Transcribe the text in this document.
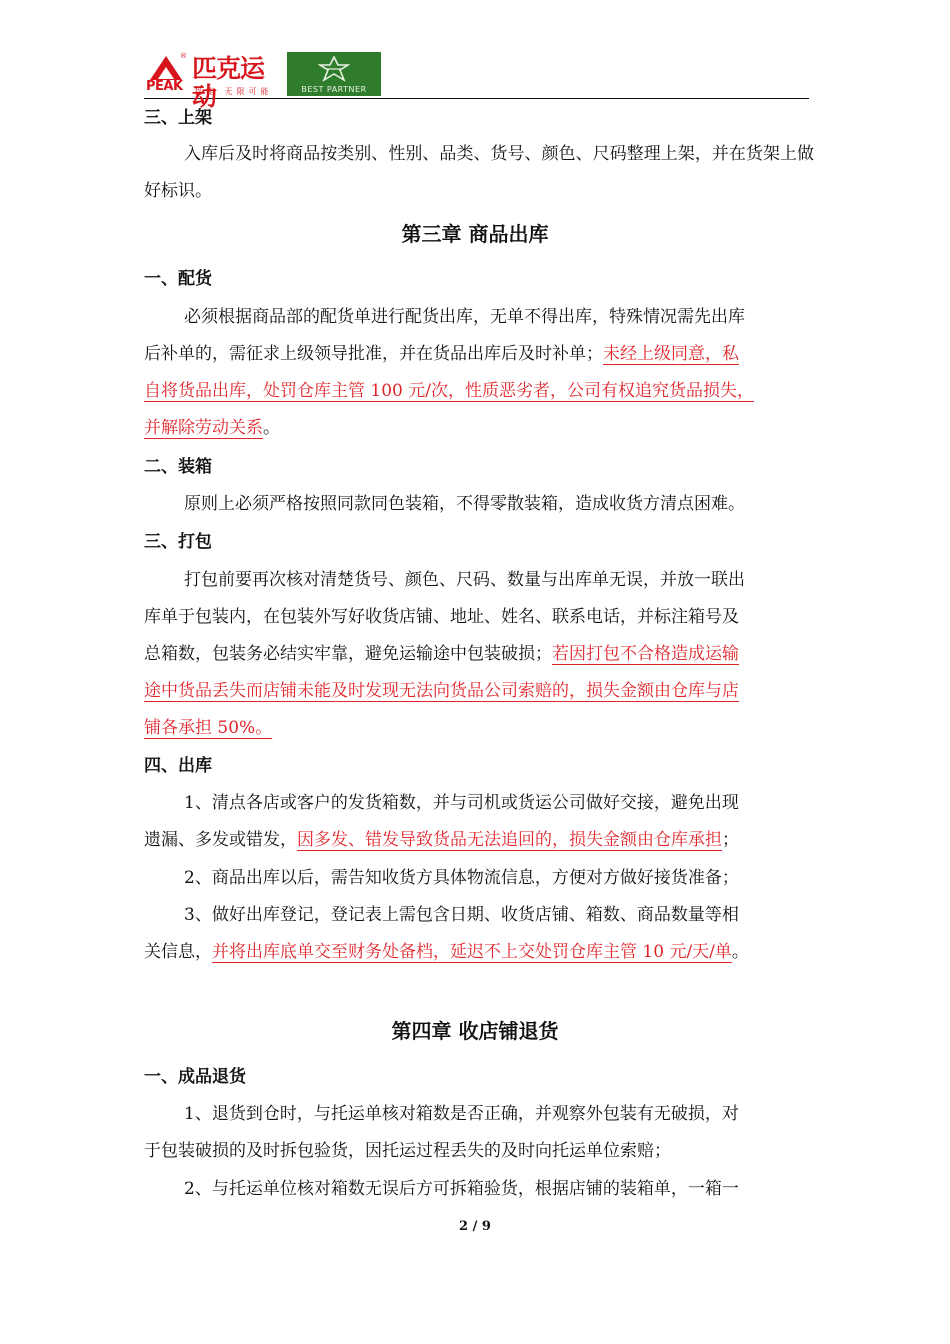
®
PEAK
匹克运动
我能 无限可能	BEST PARTNER
三、上架
入库后及时将商品按类别、性别、品类、货号、颜色、尺码整理上架，并在货架上做好标识。
第三章 商品出库
一、配货
必须根据商品部的配货单进行配货出库，无单不得出库，特殊情况需先出库
后补单的，需征求上级领导批准，并在货品出库后及时补单；未经上级同意，私
自将货品出库，处罚仓库主管 100 元/次，性质恶劣者，公司有权追究货品损失，
并解除劳动关系。
二、装箱
原则上必须严格按照同款同色装箱，不得零散装箱，造成收货方清点困难。
三、打包
打包前要再次核对清楚货号、颜色、尺码、数量与出库单无误，并放一联出
库单于包装内，在包装外写好收货店铺、地址、姓名、联系电话，并标注箱号及
总箱数，包装务必结实牢靠，避免运输途中包装破损；若因打包不合格造成运输
途中货品丢失而店铺未能及时发现无法向货品公司索赔的，损失金额由仓库与店
铺各承担 50%。
四、出库
1、清点各店或客户的发货箱数，并与司机或货运公司做好交接，避免出现
遗漏、多发或错发，因多发、错发导致货品无法追回的，损失金额由仓库承担；
2、商品出库以后，需告知收货方具体物流信息，方便对方做好接货准备；
3、做好出库登记，登记表上需包含日期、收货店铺、箱数、商品数量等相
关信息，并将出库底单交至财务处备档，延迟不上交处罚仓库主管 10 元/天/单。
第四章 收店铺退货
一、成品退货
1、退货到仓时，与托运单核对箱数是否正确，并观察外包装有无破损，对
于包装破损的及时拆包验货，因托运过程丢失的及时向托运单位索赔；
2、与托运单位核对箱数无误后方可拆箱验货，根据店铺的装箱单，一箱一
2 / 9
